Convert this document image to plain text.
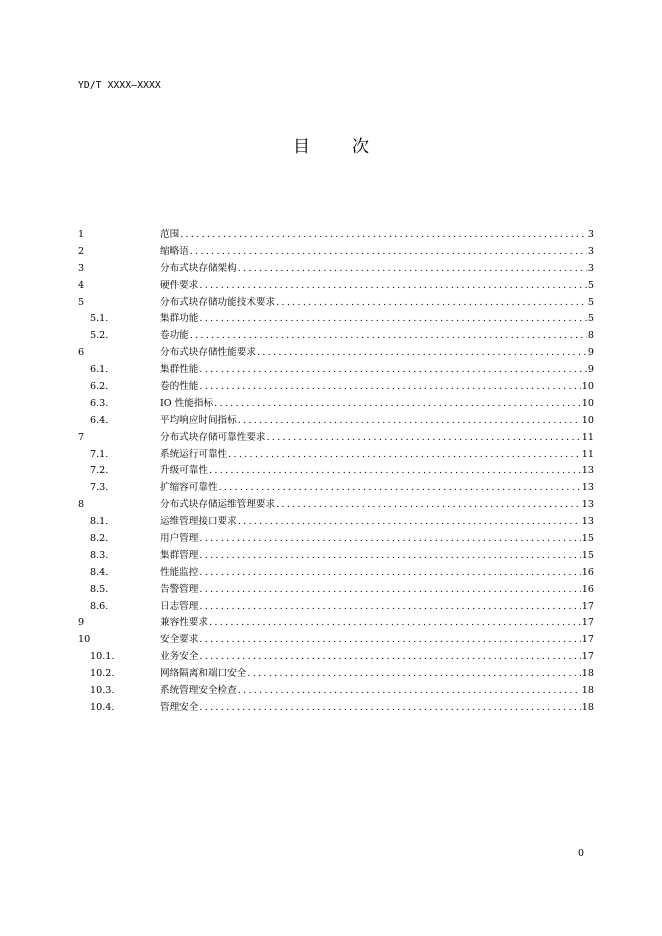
YD/T XXXX—XXXX
目 次
1	范围 .....	3
2	缩略语 .....	3
3	分布式块存储架构 .....	3
4	硬件要求 .....	5
5	分布式块存储功能技术要求 .....	5
5.1.	集群功能 .....	5
5.2.	卷功能 .....	8
6	分布式块存储性能要求 .....	9
6.1.	集群性能 .....	9
6.2.	卷的性能 .....	10
6.3.	IO 性能指标 .....	10
6.4.	平均响应时间指标 .....	10
7	分布式块存储可靠性要求 .....	11
7.1.	系统运行可靠性 .....	11
7.2.	升级可靠性 .....	13
7.3.	扩缩容可靠性 .....	13
8	分布式块存储运维管理要求 .....	13
8.1.	运维管理接口要求 .....	13
8.2.	用户管理 .....	15
8.3.	集群管理 .....	15
8.4.	性能监控 .....	16
8.5.	告警管理 .....	16
8.6.	日志管理 .....	17
9	兼容性要求 .....	17
10	安全要求 .....	17
10.1.	业务安全 .....	17
10.2.	网络隔离和端口安全 .....	18
10.3.	系统管理安全检查 .....	18
10.4.	管理安全 .....	18
0
